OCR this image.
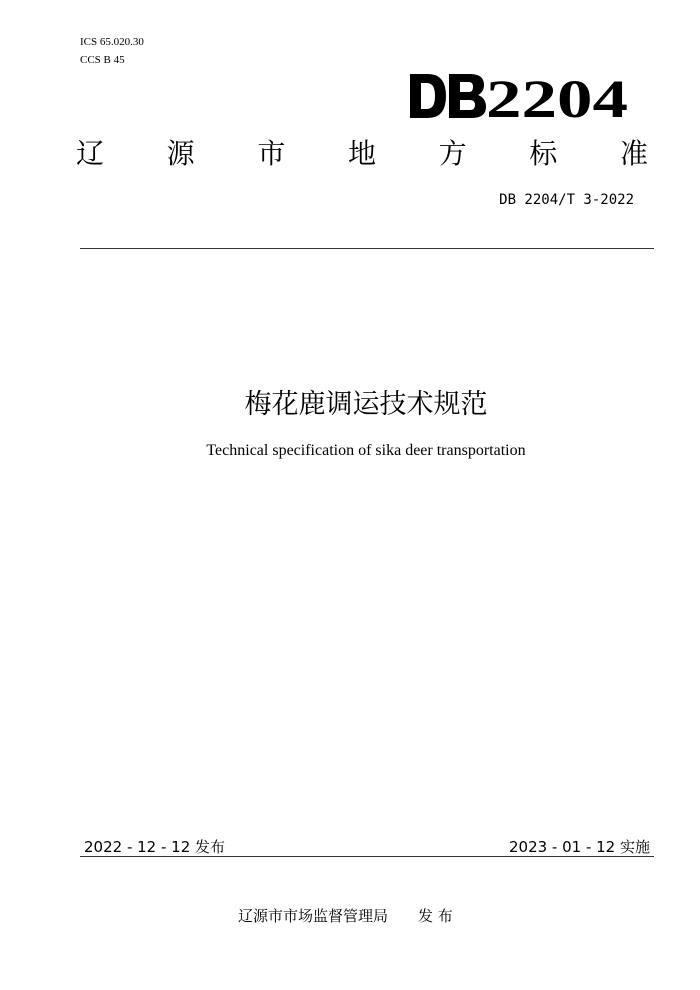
ICS 65.020.30
CCS B 45
2204
辽 源 市 地 方 标 准
DB 2204/T 3-2022
梅花鹿调运技术规范
Technical specification of sika deer transportation
2022 - 12 - 12 发布	2023 - 01 - 12 实施
辽源市市场监督管理局　　发 布
